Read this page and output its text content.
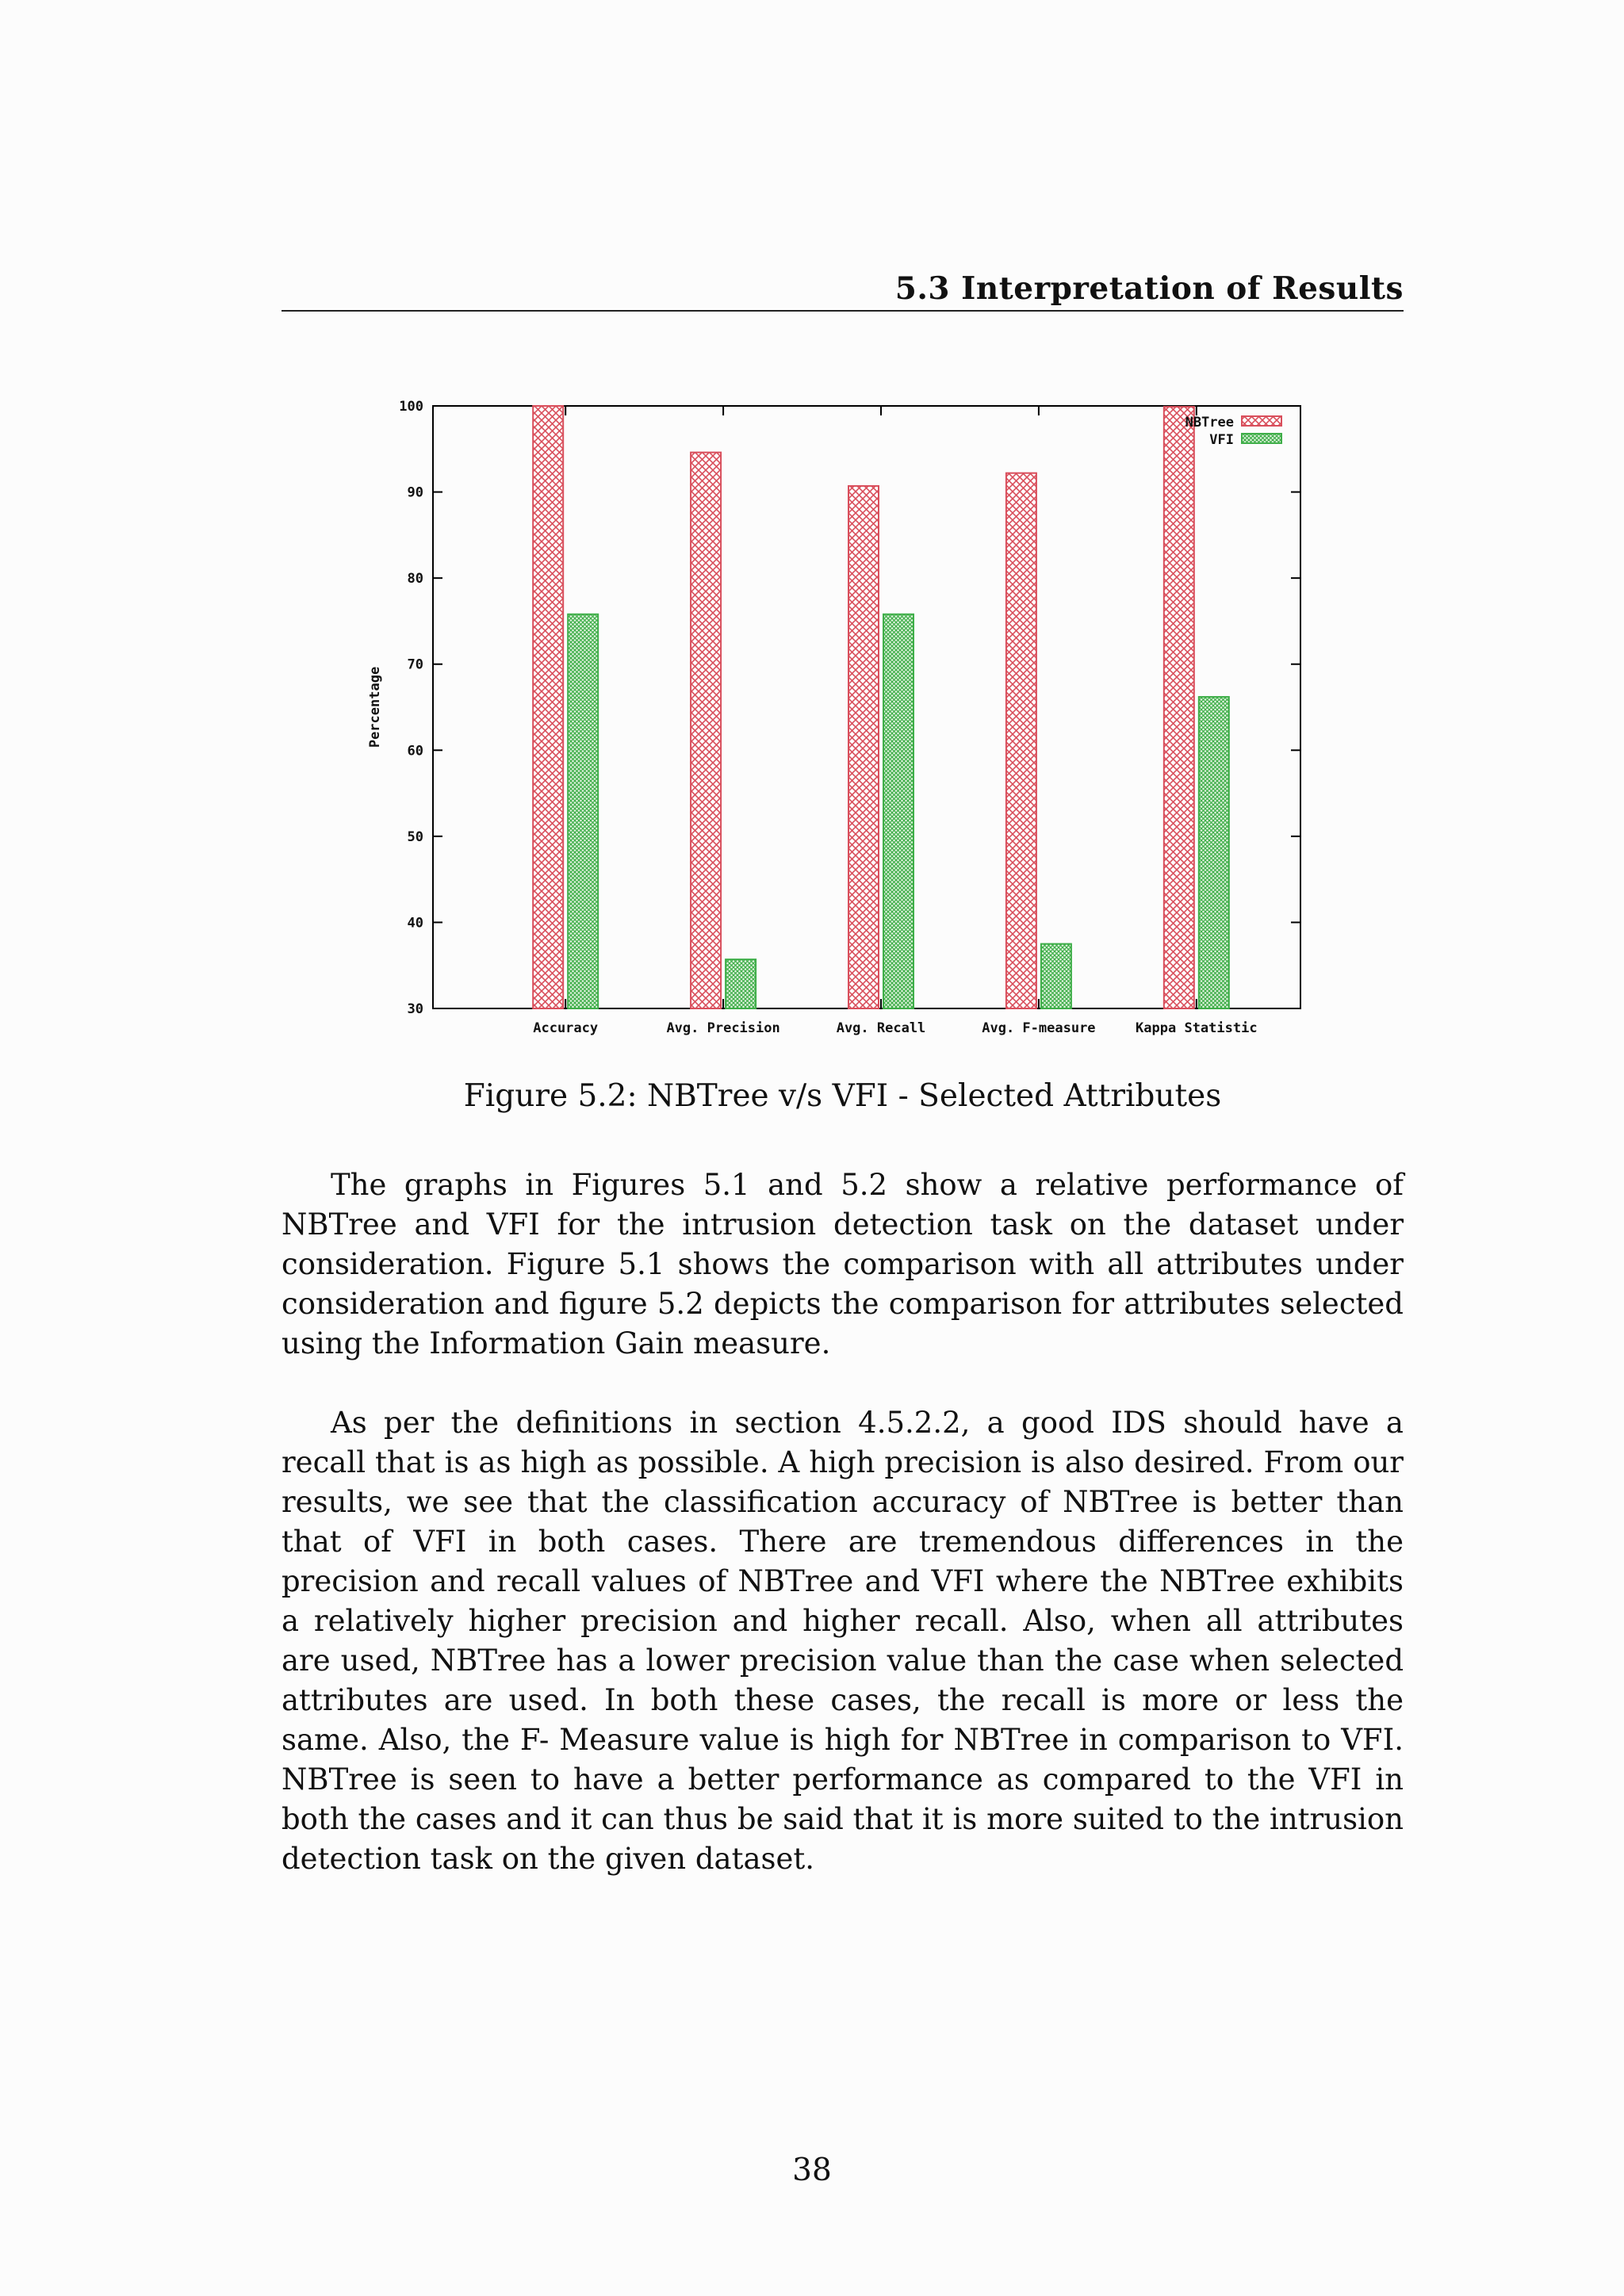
5.3 Interpretation of Results
30
40
50
60
70
80
90
100
Percentage
Accuracy	Avg. Precision	Avg. Recall	Avg. F-measure	Kappa Statistic
NBTree
VFI
Figure 5.2: NBTree v/s VFI - Selected Attributes

The graphs in Figures 5.1 and 5.2 show a relative performance of NBTree and VFI for the intrusion detection task on the dataset under consideration. Figure 5.1 shows the comparison with all attributes under consideration and figure 5.2 depicts the comparison for attributes selected using the Information Gain measure.

As per the definitions in section 4.5.2.2, a good IDS should have a recall that is as high as possible. A high precision is also desired. From our results, we see that the classification accuracy of NBTree is better than that of VFI in both cases. There are tremendous differences in the precision and recall values of NBTree and VFI where the NBTree exhibits a relatively higher precision and higher recall. Also, when all attributes are used, NBTree has a lower precision value than the case when selected attributes are used. In both these cases, the recall is more or less the same. Also, the F- Measure value is high for NBTree in comparison to VFI. NBTree is seen to have a better performance as compared to the VFI in both the cases and it can thus be said that it is more suited to the intrusion detection task on the given dataset.

38
